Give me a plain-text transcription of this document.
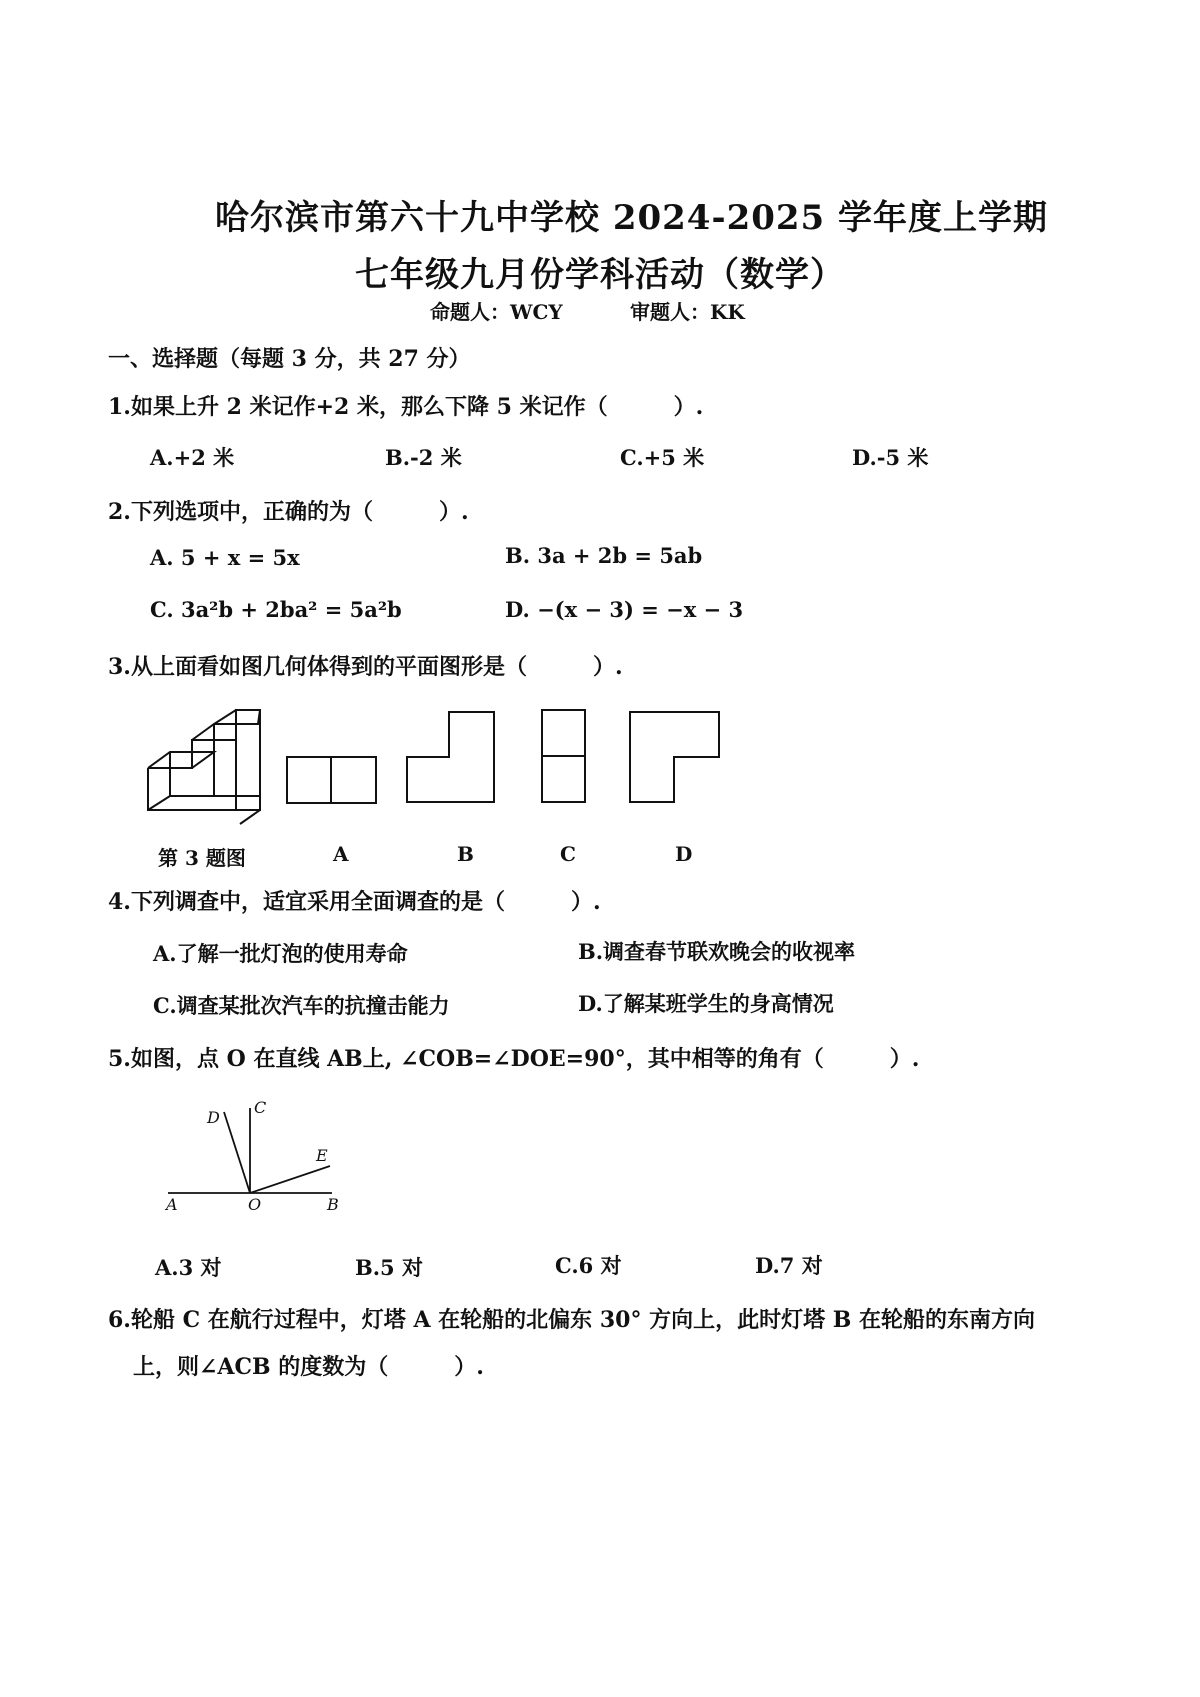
哈尔滨市第六十九中学校 2024-2025 学年度上学期
七年级九月份学科活动（数学）
命题人：WCY	审题人：KK
一、选择题（每题 3 分，共 27 分）
1.如果上升 2 米记作+2 米，那么下降 5 米记作（　　　）.
A.+2 米	B.-2 米	C.+5 米	D.-5 米
2.下列选项中，正确的为（　　　）.
A. 5 + x = 5x	B. 3a + 2b = 5ab
C. 3a²b + 2ba² = 5a²b	D. −(x − 3) = −x − 3
3.从上面看如图几何体得到的平面图形是（　　　）.
第 3 题图	A	B	C	D
4.下列调查中，适宜采用全面调查的是（　　　）.
A.了解一批灯泡的使用寿命	B.调查春节联欢晚会的收视率
C.调查某批次汽车的抗撞击能力	D.了解某班学生的身高情况
5.如图，点 O 在直线 AB上, ∠COB=∠DOE=90°，其中相等的角有（　　　）.
D
C
E
A	O	B
A.3 对	B.5 对	C.6 对	D.7 对
6.轮船 C 在航行过程中，灯塔 A 在轮船的北偏东 30° 方向上，此时灯塔 B 在轮船的东南方向
上，则∠ACB 的度数为（　　　）.
